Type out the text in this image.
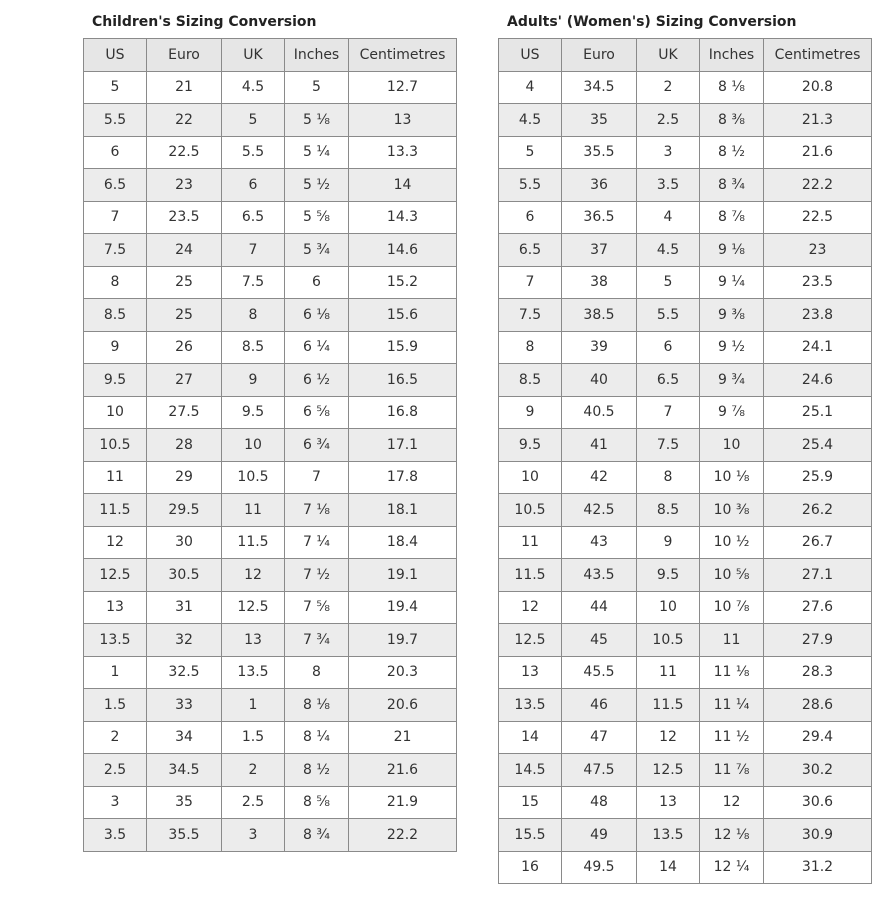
Children's Sizing Conversion
US	Euro	UK	Inches	Centimetres
5	21	4.5	5	12.7
5.5	22	5	5 ⅛	13
6	22.5	5.5	5 ¼	13.3
6.5	23	6	5 ½	14
7	23.5	6.5	5 ⅝	14.3
7.5	24	7	5 ¾	14.6
8	25	7.5	6	15.2
8.5	25	8	6 ⅛	15.6
9	26	8.5	6 ¼	15.9
9.5	27	9	6 ½	16.5
10	27.5	9.5	6 ⅝	16.8
10.5	28	10	6 ¾	17.1
11	29	10.5	7	17.8
11.5	29.5	11	7 ⅛	18.1
12	30	11.5	7 ¼	18.4
12.5	30.5	12	7 ½	19.1
13	31	12.5	7 ⅝	19.4
13.5	32	13	7 ¾	19.7
1	32.5	13.5	8	20.3
1.5	33	1	8 ⅛	20.6
2	34	1.5	8 ¼	21
2.5	34.5	2	8 ½	21.6
3	35	2.5	8 ⅝	21.9
3.5	35.5	3	8 ¾	22.2
Adults' (Women's) Sizing Conversion
US	Euro	UK	Inches	Centimetres
4	34.5	2	8 ⅛	20.8
4.5	35	2.5	8 ⅜	21.3
5	35.5	3	8 ½	21.6
5.5	36	3.5	8 ¾	22.2
6	36.5	4	8 ⅞	22.5
6.5	37	4.5	9 ⅛	23
7	38	5	9 ¼	23.5
7.5	38.5	5.5	9 ⅜	23.8
8	39	6	9 ½	24.1
8.5	40	6.5	9 ¾	24.6
9	40.5	7	9 ⅞	25.1
9.5	41	7.5	10	25.4
10	42	8	10 ⅛	25.9
10.5	42.5	8.5	10 ⅜	26.2
11	43	9	10 ½	26.7
11.5	43.5	9.5	10 ⅝	27.1
12	44	10	10 ⅞	27.6
12.5	45	10.5	11	27.9
13	45.5	11	11 ⅛	28.3
13.5	46	11.5	11 ¼	28.6
14	47	12	11 ½	29.4
14.5	47.5	12.5	11 ⅞	30.2
15	48	13	12	30.6
15.5	49	13.5	12 ⅛	30.9
16	49.5	14	12 ¼	31.2
